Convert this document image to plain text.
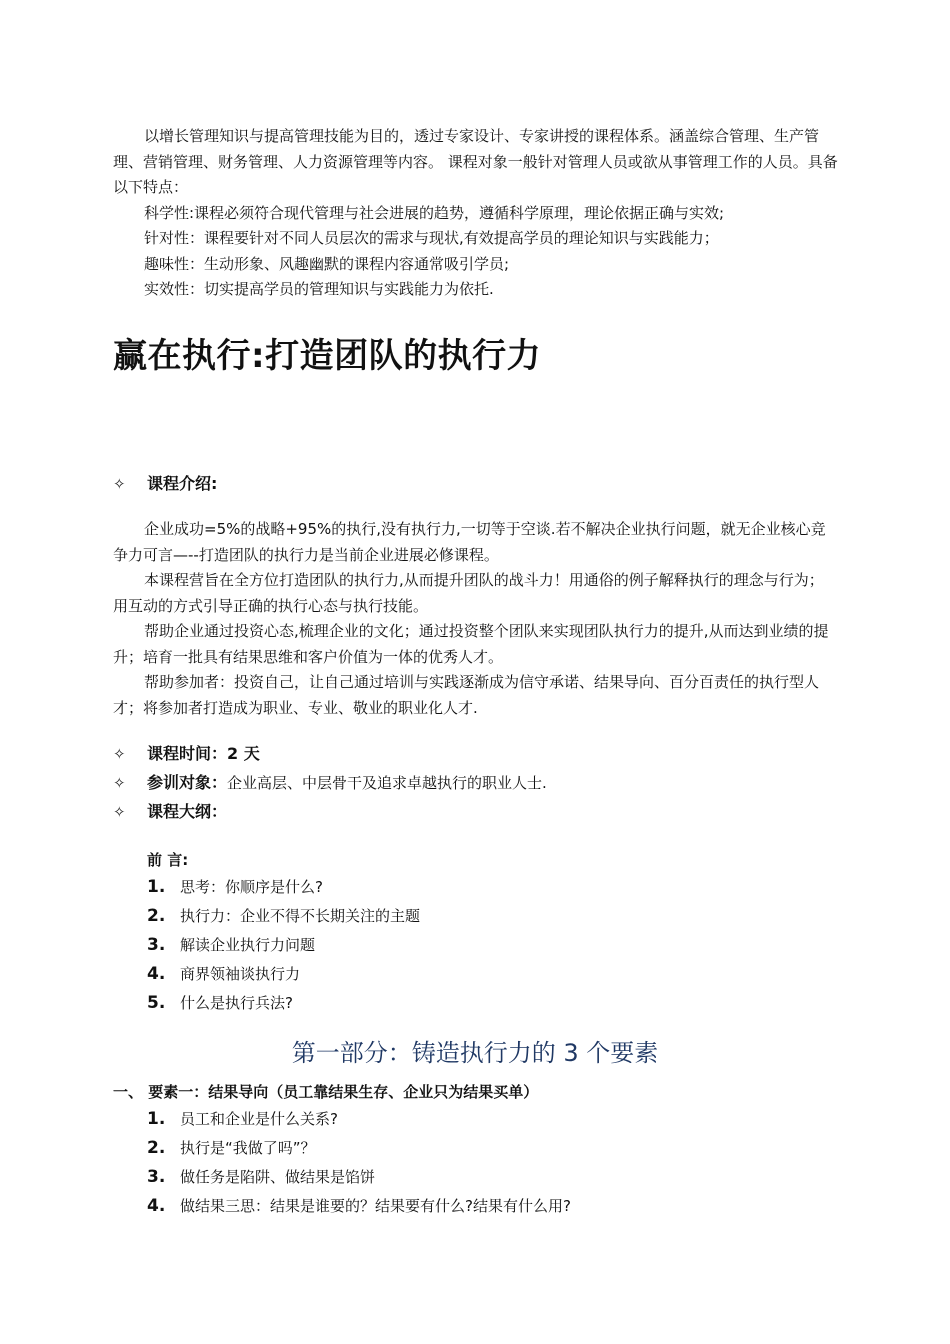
以增长管理知识与提高管理技能为目的，透过专家设计、专家讲授的课程体系。涵盖综合管理、生产管理、营销管理、财务管理、人力资源管理等内容。 课程对象一般针对管理人员或欲从事管理工作的人员。具备以下特点：

科学性:课程必须符合现代管理与社会进展的趋势，遵循科学原理，理论依据正确与实效;

针对性：课程要针对不同人员层次的需求与现状,有效提高学员的理论知识与实践能力；

趣味性：生动形象、风趣幽默的课程内容通常吸引学员;

实效性：切实提高学员的管理知识与实践能力为依托.

赢在执行:打造团队的执行力
✧	课程介绍:

企业成功=5%的战略+95%的执行,没有执行力,一切等于空谈.若不解决企业执行问题，就无企业核心竞争力可言—--打造团队的执行力是当前企业进展必修课程。

本课程营旨在全方位打造团队的执行力,从而提升团队的战斗力！用通俗的例子解释执行的理念与行为；用互动的方式引导正确的执行心态与执行技能。

帮助企业通过投资心态,梳理企业的文化；通过投资整个团队来实现团队执行力的提升,从而达到业绩的提升；培育一批具有结果思维和客户价值为一体的优秀人才。

帮助参加者：投资自己，让自己通过培训与实践逐渐成为信守承诺、结果导向、百分百责任的执行型人才；将参加者打造成为职业、专业、敬业的职业化人才.

✧	课程时间： 2 天
✧	参训对象： 企业高层、中层骨干及追求卓越执行的职业人士.
✧	课程大纲：
前 言:
1. 思考：你顺序是什么?
2. 执行力：企业不得不长期关注的主题
3. 解读企业执行力问题
4. 商界领袖谈执行力
5. 什么是执行兵法?
第一部分：铸造执行力的 3 个要素
一、 要素一：结果导向（员工靠结果生存、企业只为结果买单）
1. 员工和企业是什么关系?
2. 执行是“我做了吗”？
3. 做任务是陷阱、做结果是馅饼
4. 做结果三思：结果是谁要的？结果要有什么?结果有什么用?
